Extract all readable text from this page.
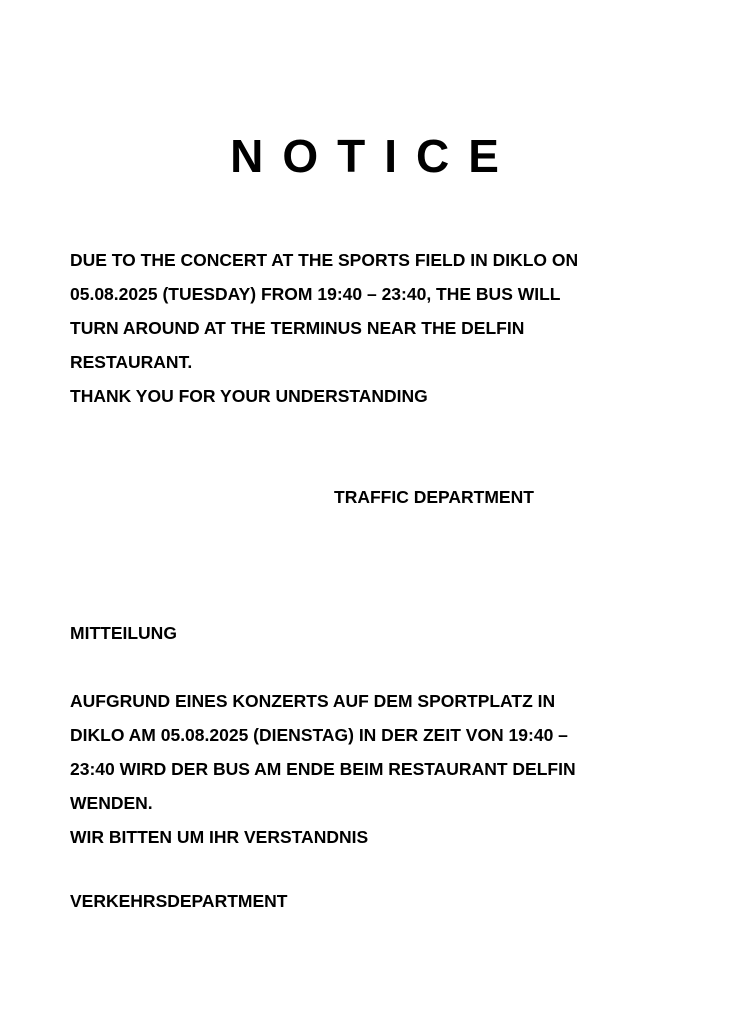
NOTICE
DUE TO THE CONCERT AT THE SPORTS FIELD IN DIKLO ON
05.08.2025 (TUESDAY) FROM 19:40 – 23:40, THE BUS WILL
TURN AROUND AT THE TERMINUS NEAR THE DELFIN
RESTAURANT.
THANK YOU FOR YOUR UNDERSTANDING
TRAFFIC DEPARTMENT
MITTEILUNG
AUFGRUND EINES KONZERTS AUF DEM SPORTPLATZ IN
DIKLO AM 05.08.2025 (DIENSTAG) IN DER ZEIT VON 19:40 –
23:40 WIRD DER BUS AM ENDE BEIM RESTAURANT DELFIN
WENDEN.
WIR BITTEN UM IHR VERSTANDNIS
VERKEHRSDEPARTMENT
